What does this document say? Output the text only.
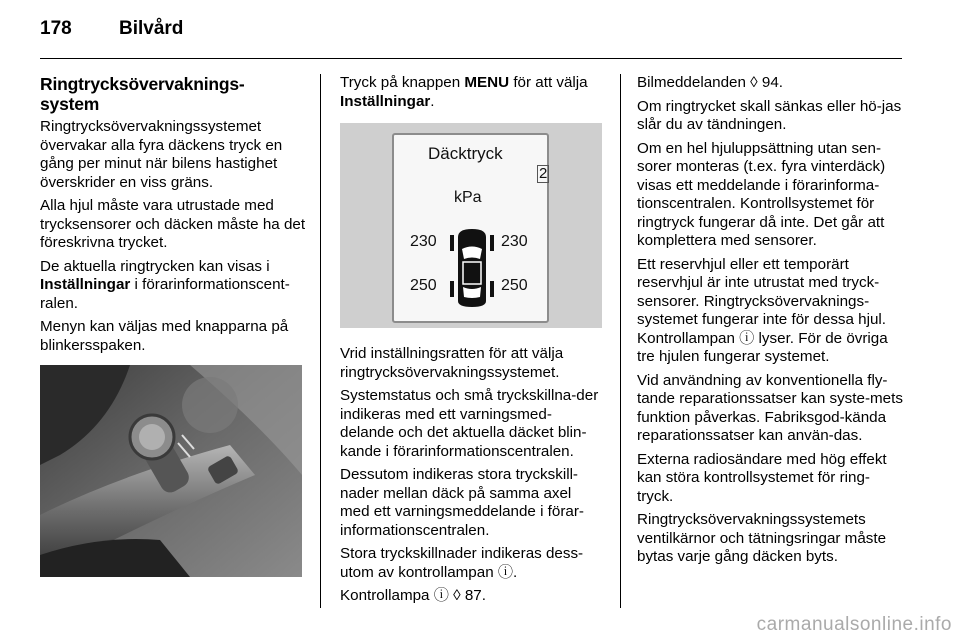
178 Bilvård
Ringtrycksövervaknings-
system

Ringtrycksövervakningssystemet övervakar alla fyra däckens tryck en gång per minut när bilens hastighet överskrider en viss gräns.

Alla hjul måste vara utrustade med trycksensorer och däcken måste ha det föreskrivna trycket.

De aktuella ringtrycken kan visas i Inställningar i förarinformationscent-ralen.

Menyn kan väljas med knapparna på blinkersspaken.

Tryck på knappen MENU för att välja Inställningar.

Däcktryck
2
kPa
230	230
250	250

Vrid inställningsratten för att välja ringtrycksövervakningssystemet.

Systemstatus och små tryckskillna-der indikeras med ett varningsmed-delande och det aktuella däcket blin-kande i förarinformationscentralen.

Dessutom indikeras stora tryckskill-nader mellan däck på samma axel med ett varningsmeddelande i förar-informationscentralen.

Stora tryckskillnader indikeras dess-utom av kontrollampan ⓘ.

Kontrollampa ⓘ ◊ 87.

Bilmeddelanden ◊ 94.

Om ringtrycket skall sänkas eller hö-jas slår du av tändningen.

Om en hel hjuluppsättning utan sen-sorer monteras (t.ex. fyra vinterdäck) visas ett meddelande i förarinforma-tionscentralen. Kontrollsystemet för ringtryck fungerar då inte. Det går att komplettera med sensorer.

Ett reservhjul eller ett temporärt reservhjul är inte utrustat med tryck-sensorer. Ringtrycksövervaknings-systemet fungerar inte för dessa hjul. Kontrollampan ⓘ lyser. För de övriga tre hjulen fungerar systemet.

Vid användning av konventionella fly-tande reparationssatser kan syste-mets funktion påverkas. Fabriksgod-kända reparationssatser kan använ-das.

Externa radiosändare med hög effekt kan störa kontrollsystemet för ring-tryck.

Ringtrycksövervakningssystemets ventilkärnor och tätningsringar måste bytas varje gång däcken byts.

carmanualsonline.info
